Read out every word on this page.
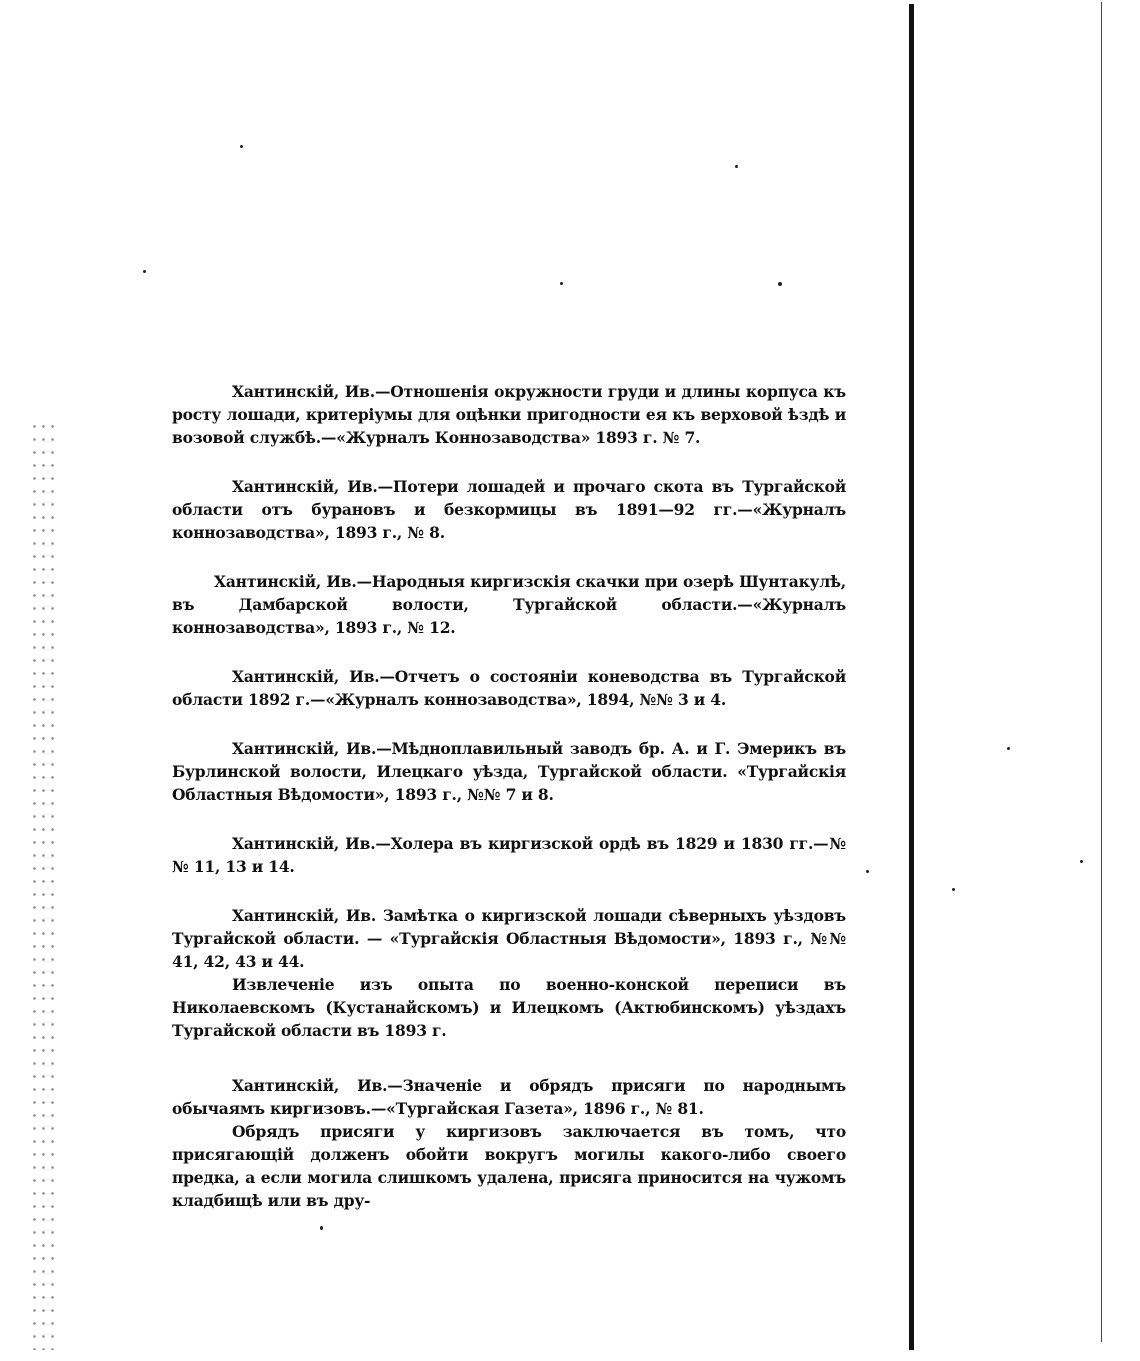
Хантинскій, Ив.—Отношенія окружности груди и длины корпуса къ росту лошади, критеріумы для оцѣнки пригодности ея къ верховой ѣздѣ и возовой службѣ.—«Журналъ Коннозаводства» 1893 г. № 7.

Хантинскій, Ив.—Потери лошадей и прочаго скота въ Тургайской области отъ бурановъ и безкормицы въ 1891—92 гг.—«Журналъ коннозаводства», 1893 г., № 8.

Хантинскій, Ив.—Народныя киргизскія скачки при озерѣ Шунтакулѣ, въ Дамбарской волости, Тургайской области.—«Журналъ коннозаводства», 1893 г., № 12.

Хантинскій, Ив.—Отчетъ о состояніи коневодства въ Тургайской области 1892 г.—«Журналъ коннозаводства», 1894, №№ 3 и 4.

Хантинскій, Ив.—Мѣдноплавильный заводъ бр. А. и Г. Эмерикъ въ Бурлинской волости, Илецкаго уѣзда, Тургайской области. «Тургайскія Областныя Вѣдомости», 1893 г., №№ 7 и 8.

Хантинскій, Ив.—Холера въ киргизской ордѣ въ 1829 и 1830 гг.—№№ 11, 13 и 14.

Хантинскій, Ив. Замѣтка о киргизской лошади сѣверныхъ уѣздовъ Тургайской области. — «Тургайскія Областныя Вѣдомости», 1893 г., №№ 41, 42, 43 и 44.

Извлеченіе изъ опыта по военно-конской переписи въ Николаевскомъ (Кустанайскомъ) и Илецкомъ (Актюбинскомъ) уѣздахъ Тургайской области въ 1893 г.

Хантинскій, Ив.—Значеніе и обрядъ присяги по народнымъ обычаямъ киргизовъ.—«Тургайская Газета», 1896 г., № 81.

Обрядъ присяги у киргизовъ заключается въ томъ, что присягающій долженъ обойти вокругъ могилы какого-либо своего предка, а если могила слишкомъ удалена, присяга приносится на чужомъ кладбищѣ или въ дру-
